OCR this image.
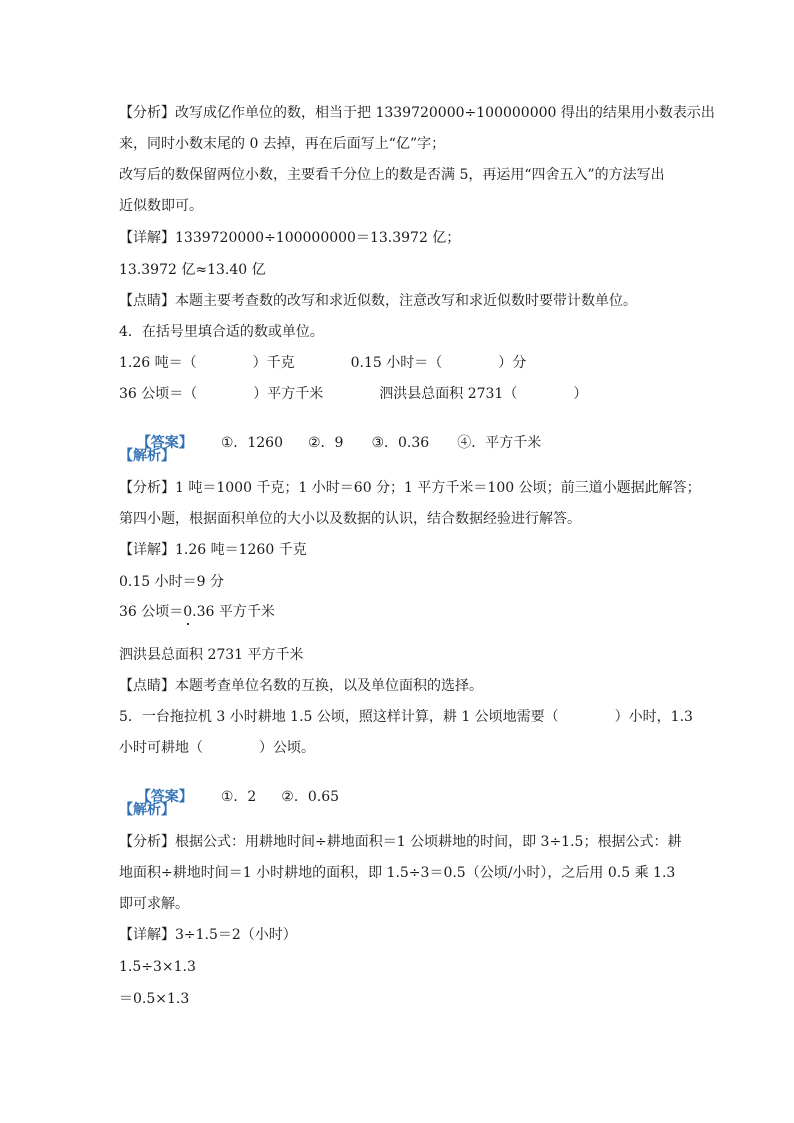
【分析】改写成亿作单位的数，相当于把 1339720000÷100000000 得出的结果用小数表示出
来，同时小数末尾的 0 去掉，再在后面写上“亿”字；
改写后的数保留两位小数，主要看千分位上的数是否满 5，再运用“四舍五入”的方法写出
近似数即可。
【详解】1339720000÷100000000＝13.3972 亿；
13.3972 亿≈13.40 亿
【点睛】本题主要考查数的改写和求近似数，注意改写和求近似数时要带计数单位。
4．在括号里填合适的数或单位。
1.26 吨＝（　　　　）千克　　　　0.15 小时＝（　　　　）分
36 公顷＝（　　　　）平方千米　　　　泗洪县总面积 2731（　　　　）

【答案】 ①．1260 ②．9 ③．0.36 ④．平方千米

【解析】
【分析】1 吨＝1000 千克；1 小时＝60 分；1 平方千米＝100 公顷；前三道小题据此解答；
第四小题，根据面积单位的大小以及数据的认识，结合数据经验进行解答。
【详解】1.26 吨＝1260 千克
0.15 小时＝9 分
36 公顷＝0.36 平方千米
泗洪县总面积 2731 平方千米
【点睛】本题考查单位名数的互换，以及单位面积的选择。
5．一台拖拉机 3 小时耕地 1.5 公顷，照这样计算，耕 1 公顷地需要（　　　　）小时，1.3
小时可耕地（　　　　）公顷。

【答案】 ①．2 ②．0.65

【解析】
【分析】根据公式：用耕地时间÷耕地面积＝1 公顷耕地的时间，即 3÷1.5；根据公式：耕
地面积÷耕地时间＝1 小时耕地的面积，即 1.5÷3＝0.5（公顷/小时），之后用 0.5 乘 1.3
即可求解。
【详解】3÷1.5＝2（小时）
1.5÷3×1.3
＝0.5×1.3
